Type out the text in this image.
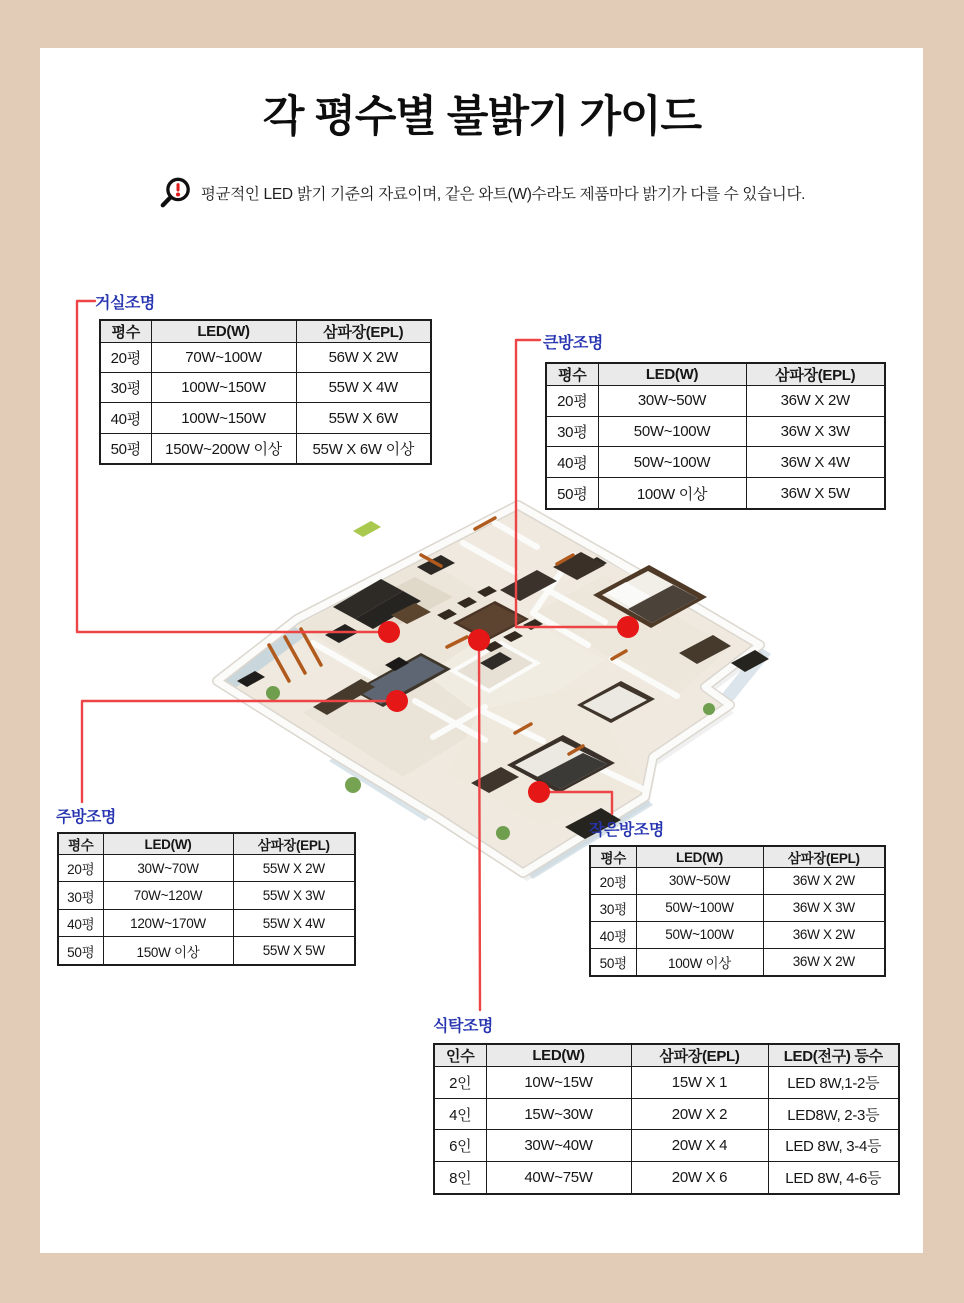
각 평수별 불밝기 가이드
평균적인 LED 밝기 기준의 자료이며, 같은 와트(W)수라도 제품마다 밝기가 다를 수 있습니다.
거실조명
큰방조명
주방조명
작은방조명
식탁조명
평수	LED(W)	삼파장(EPL)
20평	70W~100W	56W X 2W
30평	100W~150W	55W X 4W
40평	100W~150W	55W X 6W
50평	150W~200W 이상	55W X 6W 이상
평수	LED(W)	삼파장(EPL)
20평	30W~50W	36W X 2W
30평	50W~100W	36W X 3W
40평	50W~100W	36W X 4W
50평	100W 이상	36W X 5W
평수	LED(W)	삼파장(EPL)
20평	30W~70W	55W X 2W
30평	70W~120W	55W X 3W
40평	120W~170W	55W X 4W
50평	150W 이상	55W X 5W
평수	LED(W)	삼파장(EPL)
20평	30W~50W	36W X 2W
30평	50W~100W	36W X 3W
40평	50W~100W	36W X 2W
50평	100W 이상	36W X 2W
인수	LED(W)	삼파장(EPL)	LED(전구) 등수
2인	10W~15W	15W X 1	LED 8W,1-2등
4인	15W~30W	20W X 2	LED8W, 2-3등
6인	30W~40W	20W X 4	LED 8W, 3-4등
8인	40W~75W	20W X 6	LED 8W, 4-6등
